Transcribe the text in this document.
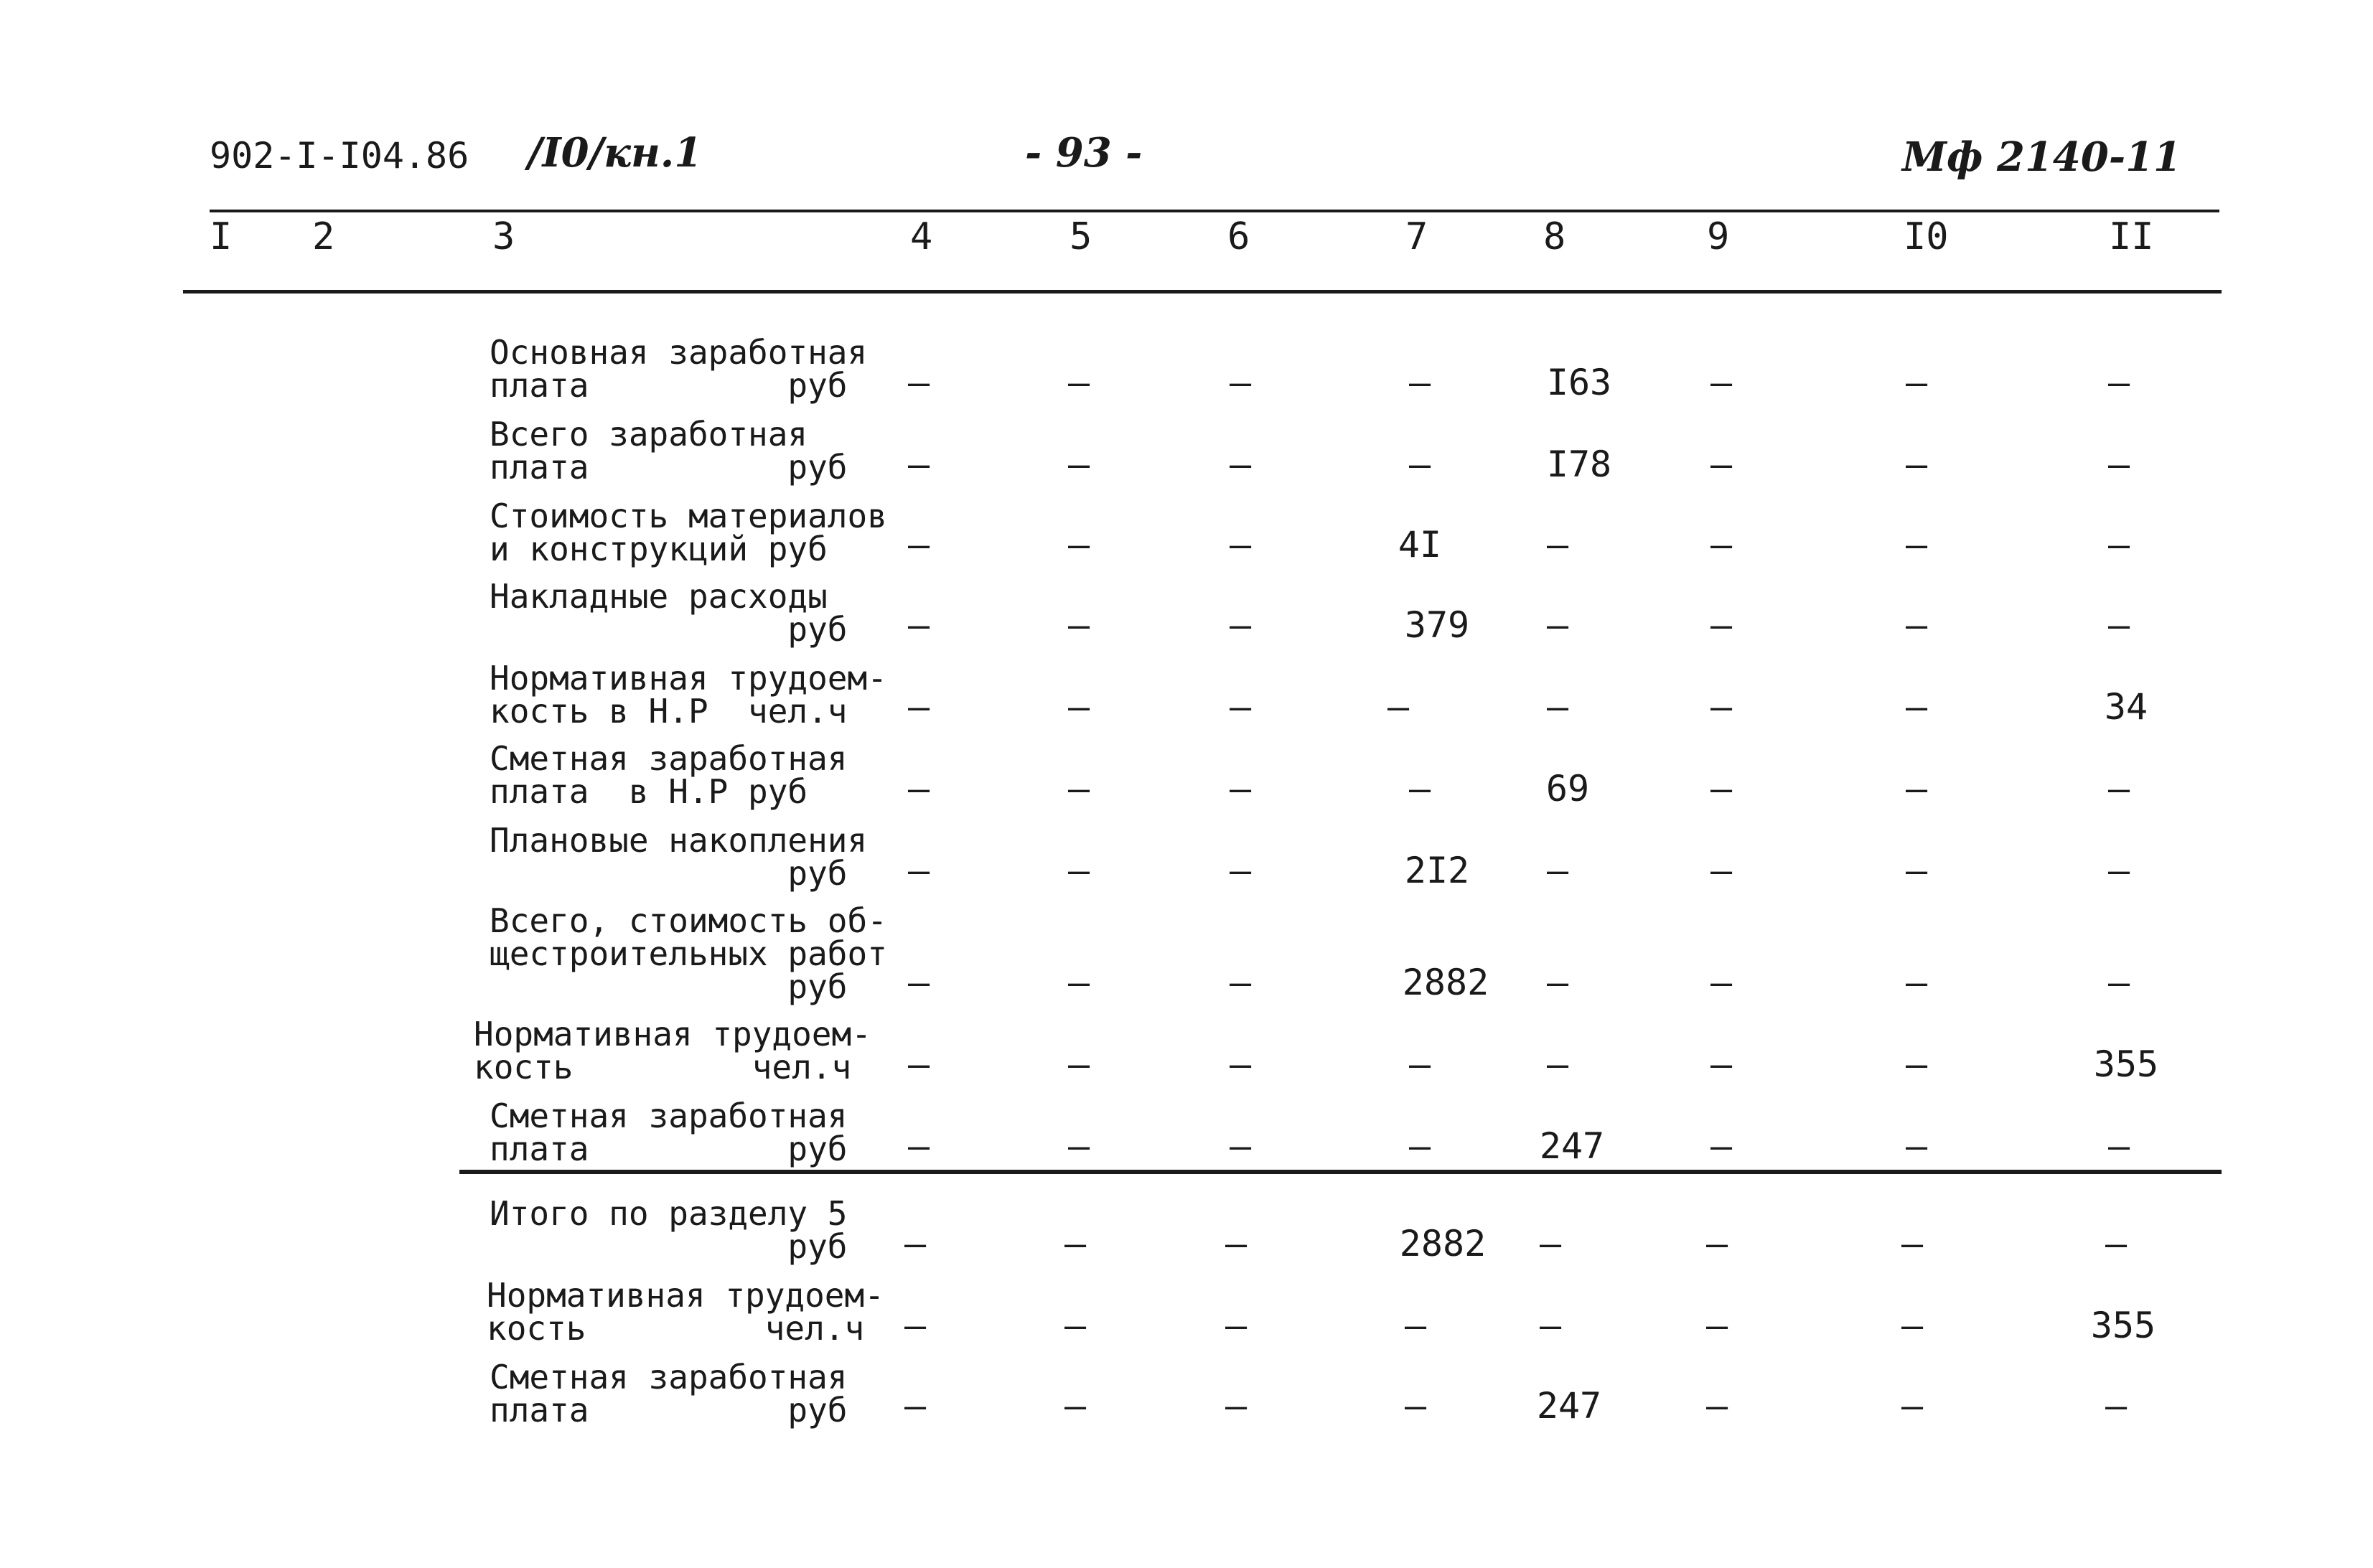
902-I-I04.86 /I0/кн.1	- 93 -	Мф 2140-11
I 2	3	4	5	6	7	8	9	I0	II
Основная заработная
плата          руб	–	–	–	–	I63	–	–	–
Всего заработная
плата          руб	–	–	–	–	I78	–	–	–
Стоимость материалов
и конструкций руб	–	–	–	4I	–	–	–	–
Накладные расходы
руб	–	–	–	379	–	–	–	–
Нормативная трудоем-
кость в Н.Р  чел.ч	–	–	–	–	–	–	–	34
Сметная заработная
плата  в Н.Р руб	–	–	–	–	69	–	–	–
Плановые накопления
руб	–	–	–	2I2	–	–	–	–
Всего, стоимость об-
щестроительных работ
руб	–	–	–	2882	–	–	–	–
Нормативная трудоем-
кость         чел.ч	–	–	–	–	–	–	–	355
Сметная заработная
плата          руб	–	–	–	–	247	–	–	–
Итого по разделу 5
руб	–	–	–	2882	–	–	–	–
Нормативная трудоем-
кость         чел.ч	–	–	–	–	–	–	–	355
Сметная заработная
плата          руб	–	–	–	–	247	–	–	–
